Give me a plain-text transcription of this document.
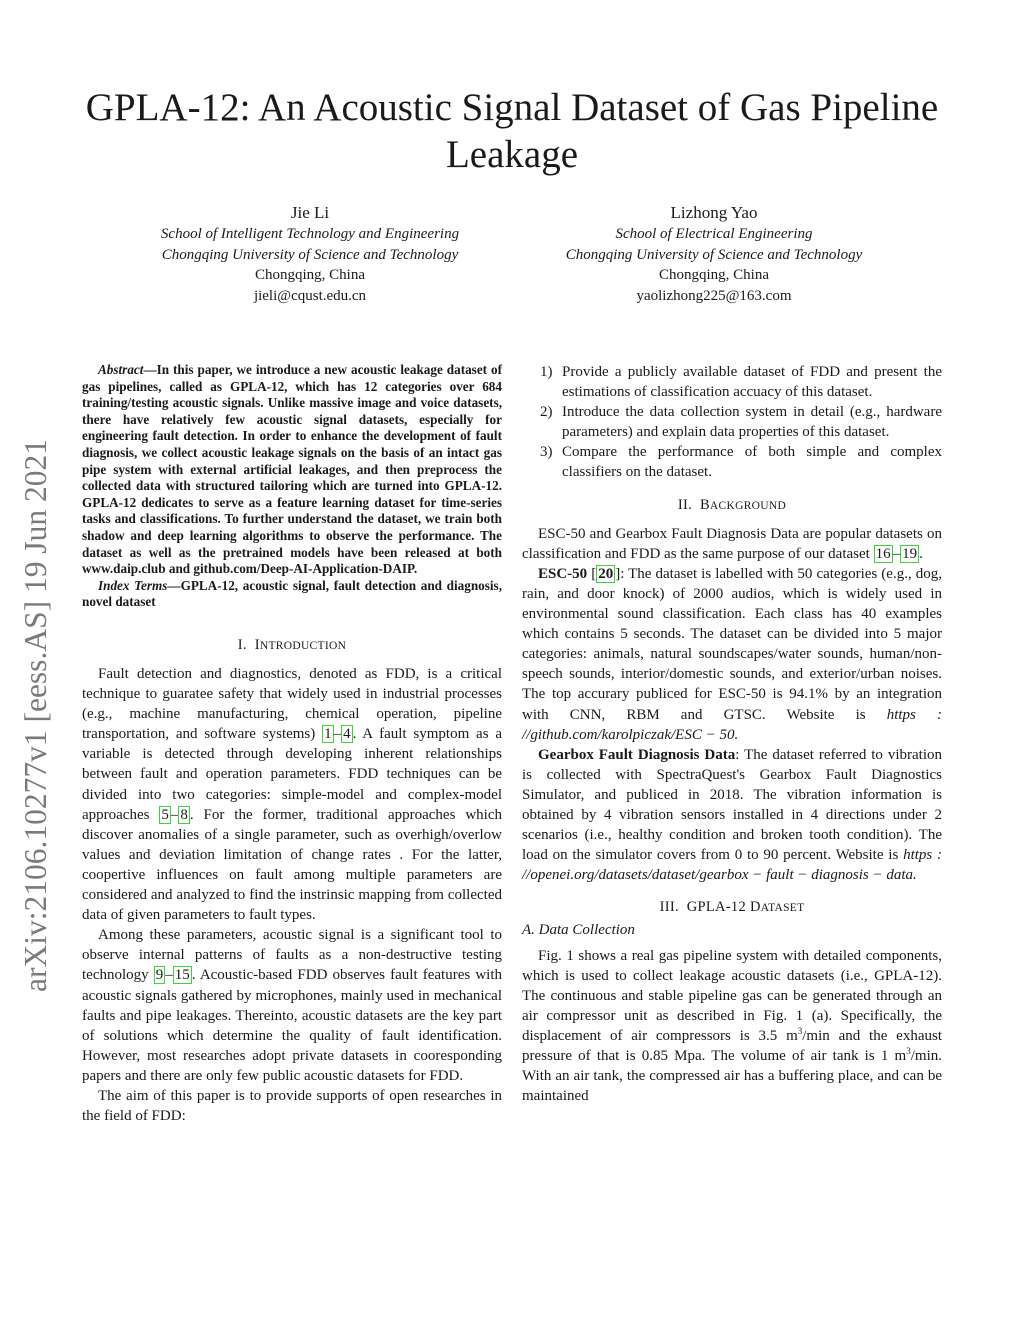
arXiv:2106.10277v1 [eess.AS] 19 Jun 2021
GPLA-12: An Acoustic Signal Dataset of Gas Pipeline Leakage
Jie Li
School of Intelligent Technology and Engineering
Chongqing University of Science and Technology
Chongqing, China
jieli@cqust.edu.cn
Lizhong Yao
School of Electrical Engineering
Chongqing University of Science and Technology
Chongqing, China
yaolizhong225@163.com

Abstract—In this paper, we introduce a new acoustic leakage dataset of gas pipelines, called as GPLA-12, which has 12 categories over 684 training/testing acoustic signals. Unlike massive image and voice datasets, there have relatively few acoustic signal datasets, especially for engineering fault detection. In order to enhance the development of fault diagnosis, we collect acoustic leakage signals on the basis of an intact gas pipe system with external artificial leakages, and then preprocess the collected data with structured tailoring which are turned into GPLA-12. GPLA-12 dedicates to serve as a feature learning dataset for time-series tasks and classifications. To further understand the dataset, we train both shadow and deep learning algorithms to observe the performance. The dataset as well as the pretrained models have been released at both www.daip.club and github.com/Deep-AI-Application-DAIP.

Index Terms—GPLA-12, acoustic signal, fault detection and diagnosis, novel dataset

I. INTRODUCTION

Fault detection and diagnostics, denoted as FDD, is a critical technique to guaratee safety that widely used in industrial processes (e.g., machine manufacturing, chemical operation, pipeline transportation, and software systems) 1 – 4 . A fault symptom as a variable is detected through developing inherent relationships between fault and operation parameters. FDD techniques can be divided into two categories: simple-model and complex-model approaches 5 – 8 . For the former, traditional approaches which discover anomalies of a single parameter, such as overhigh/overlow values and deviation limitation of change rates . For the latter, coopertive influences on fault among multiple parameters are considered and analyzed to find the instrinsic mapping from collected data of given parameters to fault types.

Among these parameters, acoustic signal is a significant tool to observe internal patterns of faults as a non-destructive testing technology 9 – 15 . Acoustic-based FDD observes fault features with acoustic signals gathered by microphones, mainly used in mechanical faults and pipe leakages. Thereinto, acoustic datasets are the key part of solutions which determine the quality of fault identification. However, most researches adopt private datasets in cooresponding papers and there are only few public acoustic datasets for FDD.

The aim of this paper is to provide supports of open researches in the field of FDD:

1) Provide a publicly available dataset of FDD and present the estimations of classification accuacy of this dataset.
2) Introduce the data collection system in detail (e.g., hardware parameters) and explain data properties of this dataset.
3) Compare the performance of both simple and complex classifiers on the dataset.
II. BACKGROUND

ESC-50 and Gearbox Fault Diagnosis Data are popular datasets on classification and FDD as the same purpose of our dataset 16 – 19 .

ESC-50 [ 20 ]: The dataset is labelled with 50 categories (e.g., dog, rain, and door knock) of 2000 audios, which is widely used in environmental sound classification. Each class has 40 examples which contains 5 seconds. The dataset can be divided into 5 major categories: animals, natural soundscapes/water sounds, human/non-speech sounds, interior/domestic sounds, and exterior/urban noises. The top accurary publiced for ESC-50 is 94.1% by an integration with CNN, RBM and GTSC. Website is https : //github.com/karolpiczak/ESC − 50.

Gearbox Fault Diagnosis Data: The dataset referred to vibration is collected with SpectraQuest's Gearbox Fault Diagnostics Simulator, and publiced in 2018. The vibration information is obtained by 4 vibration sensors installed in 4 directions under 2 scenarios (i.e., healthy condition and broken tooth condition). The load on the simulator covers from 0 to 90 percent. Website is https : //openei.org/datasets/dataset/gearbox − fault − diagnosis − data.

III. GPLA-12 DATASET

A. Data Collection

Fig. 1 shows a real gas pipeline system with detailed components, which is used to collect leakage acoustic datasets (i.e., GPLA-12). The continuous and stable pipeline gas can be generated through an air compressor unit as described in Fig. 1 (a). Specifically, the displacement of air compressors is 3.5 $m^3/\min$ and the exhaust pressure of that is 0.85 Mpa. The volume of air tank is 1 $m^3/\min$. With an air tank, the compressed air has a buffering place, and can be maintained
